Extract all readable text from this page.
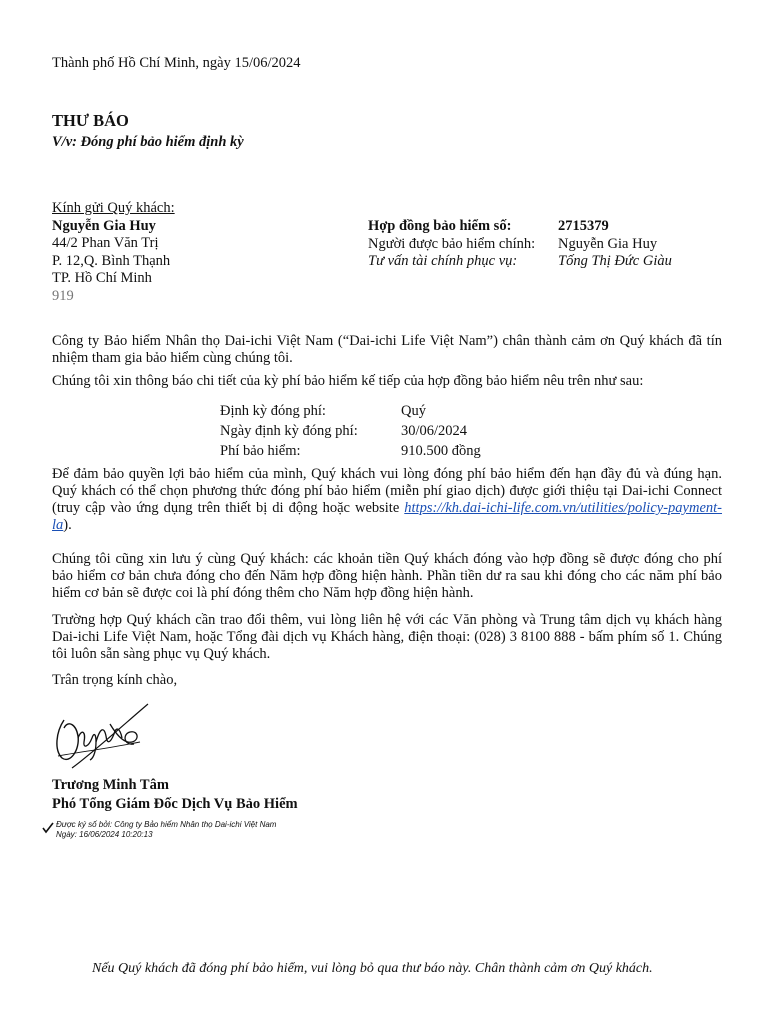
Thành phố Hồ Chí Minh, ngày 15/06/2024
THƯ BÁO
V/v: Đóng phí bảo hiểm định kỳ
Kính gửi Quý khách:
Nguyễn Gia Huy
44/2 Phan Văn Trị
P. 12,Q. Bình Thạnh
TP. Hồ Chí Minh
919
Hợp đồng bảo hiểm số:	2715379
Người được bảo hiểm chính: Nguyễn Gia Huy
Tư vấn tài chính phục vụ:	Tống Thị Đức Giàu
Công ty Bảo hiểm Nhân thọ Dai-ichi Việt Nam (“Dai-ichi Life Việt Nam”) chân thành cảm ơn Quý khách đã tín nhiệm tham gia bảo hiểm cùng chúng tôi.
Chúng tôi xin thông báo chi tiết của kỳ phí bảo hiểm kế tiếp của hợp đồng bảo hiểm nêu trên như sau:
Định kỳ đóng phí:	Quý
Ngày định kỳ đóng phí:	30/06/2024
Phí bảo hiểm:	910.500 đồng
Để đảm bảo quyền lợi bảo hiểm của mình, Quý khách vui lòng đóng phí bảo hiểm đến hạn đầy đủ và đúng hạn. Quý khách có thể chọn phương thức đóng phí bảo hiểm (miễn phí giao dịch) được giới thiệu tại Dai-ichi Connect (truy cập vào ứng dụng trên thiết bị di động hoặc website https://kh.dai-ichi-life.com.vn/utilities/policy-payment-la).
Chúng tôi cũng xin lưu ý cùng Quý khách: các khoản tiền Quý khách đóng vào hợp đồng sẽ được đóng cho phí bảo hiểm cơ bản chưa đóng cho đến Năm hợp đồng hiện hành. Phần tiền dư ra sau khi đóng cho các năm phí bảo hiểm cơ bản sẽ được coi là phí đóng thêm cho Năm hợp đồng hiện hành.
Trường hợp Quý khách cần trao đổi thêm, vui lòng liên hệ với các Văn phòng và Trung tâm dịch vụ khách hàng Dai-ichi Life Việt Nam, hoặc Tổng đài dịch vụ Khách hàng, điện thoại: (028) 3 8100 888 - bấm phím số 1. Chúng tôi luôn sẵn sàng phục vụ Quý khách.
Trân trọng kính chào,
Trương Minh Tâm
Phó Tổng Giám Đốc Dịch Vụ Bảo Hiểm
Được ký số bởi: Công ty Bảo hiểm Nhân thọ Dai-ichi Việt Nam
Ngày: 16/06/2024 10:20:13
Nếu Quý khách đã đóng phí bảo hiểm, vui lòng bỏ qua thư báo này. Chân thành cảm ơn Quý khách.
